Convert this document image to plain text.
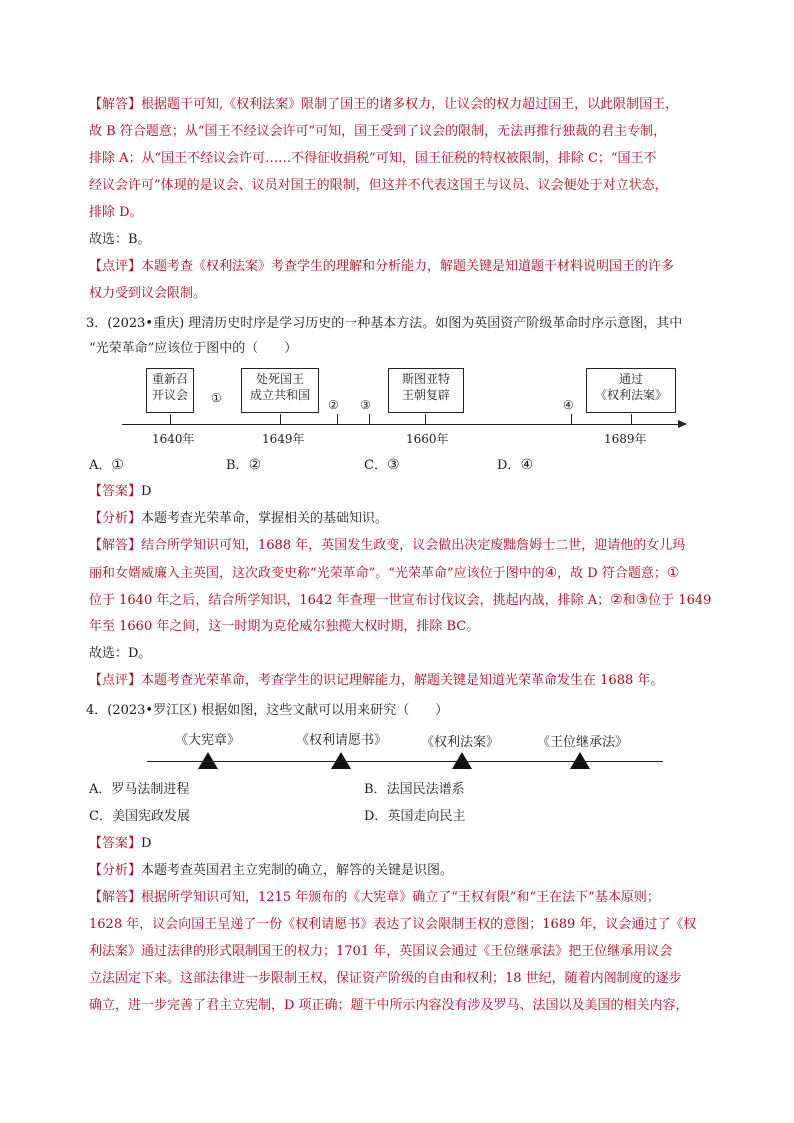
【解答】根据题干可知,《权利法案》限制了国王的诸多权力，让议会的权力超过国王，以此限制国王，
故 B 符合题意；从“国王不经议会许可”可知，国王受到了议会的限制，无法再推行独裁的君主专制，
排除 A；从“国王不经议会许可……不得征收捐税”可知，国王征税的特权被限制，排除 C；“国王不
经议会许可”体现的是议会、议员对国王的限制，但这并不代表这国王与议员、议会便处于对立状态，
排除 D。
故选：B。
【点评】本题考查《权利法案》考查学生的理解和分析能力，解题关键是知道题干材料说明国王的许多
权力受到议会限制。
3．(2023•重庆) 理清历史时序是学习历史的一种基本方法。如图为英国资产阶级革命时序示意图，其中
“光荣革命”应该位于图中的（　　）
重新召
开议会
处死国王
成立共和国
斯图亚特
王朝复辟
通过
《权利法案》
①	② ③	④
1640年	1649年	1660年	1689年
A．①	B．②	C．③	D．④
【答案】D
【分析】本题考查光荣革命，掌握相关的基础知识。
【解答】结合所学知识可知，1688 年，英国发生政变，议会做出决定废黜詹姆士二世，迎请他的女儿玛
丽和女婿威廉入主英国，这次政变史称“光荣革命”。“光荣革命”应该位于图中的④，故 D 符合题意；①
位于 1640 年之后，结合所学知识，1642 年查理一世宣布讨伐议会，挑起内战，排除 A；②和③位于 1649
年至 1660 年之间，这一时期为克伦威尔独揽大权时期，排除 BC。
故选：D。
【点评】本题考查光荣革命，考查学生的识记理解能力，解题关键是知道光荣革命发生在 1688 年。
4．(2023•罗江区) 根据如图，这些文献可以用来研究（　　）
《大宪章》	《权利请愿书》	《权利法案》	《王位继承法》
A．罗马法制进程	B．法国民法谱系
C．美国宪政发展	D．英国走向民主
【答案】D
【分析】本题考查英国君主立宪制的确立，解答的关键是识图。
【解答】根据所学知识可知，1215 年颁布的《大宪章》确立了“王权有限”和“王在法下”基本原则；
1628 年，议会向国王呈递了一份《权利请愿书》表达了议会限制王权的意图；1689 年，议会通过了《权
利法案》通过法律的形式限制国王的权力；1701 年，英国议会通过《王位继承法》把王位继承用议会
立法固定下来。这部法律进一步限制王权，保证资产阶级的自由和权利；18 世纪，随着内阁制度的逐步
确立，进一步完善了君主立宪制，D 项正确；题干中所示内容没有涉及罗马、法国以及美国的相关内容，
